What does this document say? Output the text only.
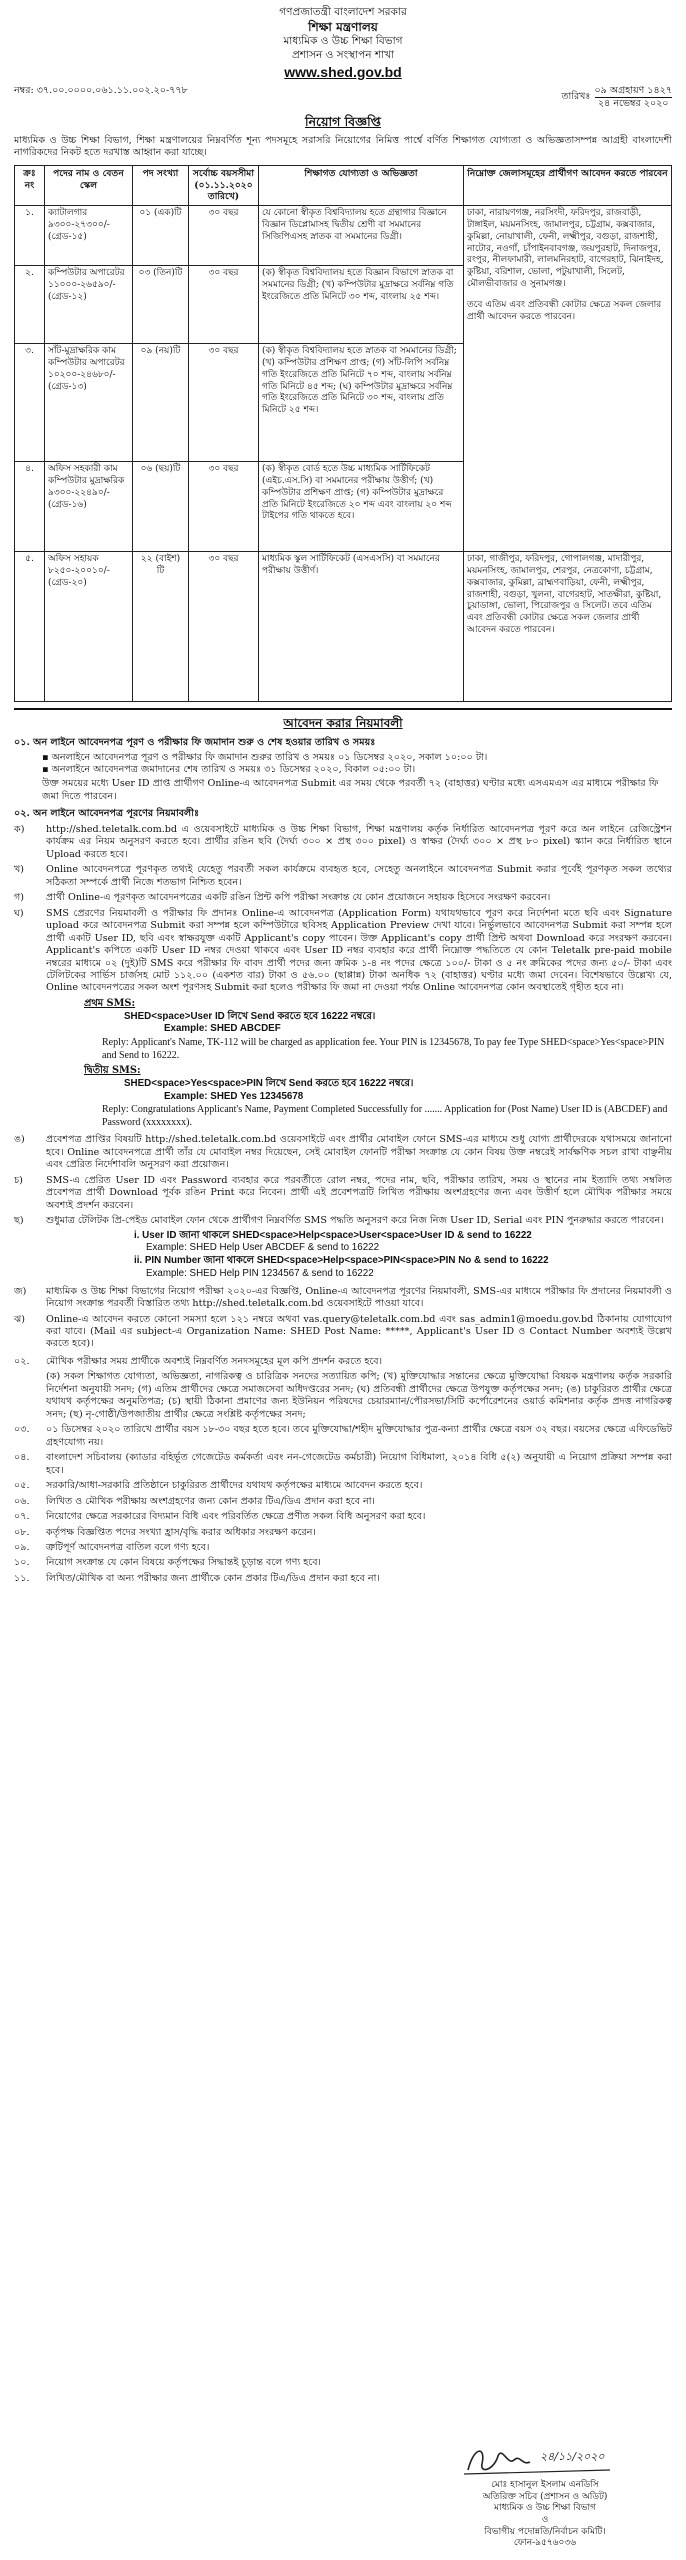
গণপ্রজাতন্ত্রী বাংলাদেশ সরকার
শিক্ষা মন্ত্রণালয়
মাধ্যমিক ও উচ্চ শিক্ষা বিভাগ
প্রশাসন ও সংস্থাপন শাখা
www.shed.gov.bd
নম্বর: ৩৭.০০.০০০০.০৬১.১১.০০২.২০-৭৭৮
তারিখঃ
০৯ অগ্রহায়ণ ১৪২৭
২৪ নভেম্বর ২০২০
নিয়োগ বিজ্ঞপ্তি
মাধ্যমিক ও উচ্চ শিক্ষা বিভাগ, শিক্ষা মন্ত্রণালয়ের নিম্নবর্ণিত শূন্য পদসমূহে সরাসরি নিয়োগের নিমিত্ত পার্শ্বে বর্ণিত শিক্ষাগত যোগ্যতা ও অভিজ্ঞতাসম্পন্ন আগ্রহী বাংলাদেশী নাগরিকদের নিকট হতে দরখাস্ত আহ্বান করা যাচ্ছে।
ক্রঃ নং	পদের নাম ও বেতন স্কেল	পদ সংখ্যা	সর্বোচ্চ বয়সসীমা (০১.১১.২০২০ তারিখে)	শিক্ষাগত যোগ্যতা ও অভিজ্ঞতা	নিম্নোক্ত জেলাসমূহের প্রার্থীগণ আবেদন করতে পারবেন
১.	ক্যাটালগার ৯৩০০-২৭৩০০/- (গ্রেড-১৫)	০১ (এক)টি	৩০ বছর	যে কোনো স্বীকৃত বিশ্ববিদ্যালয় হতে গ্রন্থাগার বিজ্ঞানে বিজ্ঞান ডিপ্লোমাসহ দ্বিতীয় শ্রেণী বা সমমানের সিজিপিএসহ স্নাতক বা সমমানের ডিগ্রী।	ঢাকা, নারায়ণগঞ্জ, নরসিংদী, ফরিদপুর, রাজবাড়ী, টাঙ্গাইল, ময়মনসিংহ, জামালপুর, চট্টগ্রাম, কক্সবাজার, কুমিল্লা, নোয়াখালী, ফেনী, লক্ষ্মীপুর, বগুড়া, রাজশাহী, নাটোর, নওগাঁ, চাঁপাইনবাবগঞ্জ, জয়পুরহাট, দিনাজপুর, রংপুর, নীলফামারী, লালমনিরহাট, বাগেরহাট, ঝিনাইদহ, কুষ্টিয়া, বরিশাল, ভোলা, পটুয়াখালী, সিলেট, মৌলভীবাজার ও সুনামগঞ্জ।
তবে এতিম এবং প্রতিবন্ধী কোটার ক্ষেত্রে সকল জেলার প্রার্থী আবেদন করতে পারবেন।

২.	কম্পিউটার অপারেটর ১১০০০-২৬৫৯০/- (গ্রেড-১২)	০৩ (তিন)টি	৩০ বছর	(ক) স্বীকৃত বিশ্ববিদ্যালয় হতে বিজ্ঞান বিভাগে স্নাতক বা সমমানের ডিগ্রী; (খ) কম্পিউটার মুদ্রাক্ষরে সর্বনিম্ন গতি ইংরেজিতে প্রতি মিনিটে ৩০ শব্দ, বাংলায় ২৫ শব্দ।	
৩.	সাঁট-মুদ্রাক্ষরিক কাম কম্পিউটার অপারেটর ১০২০০-২৪৬৮০/- (গ্রেড-১৩)	০৯ (নয়)টি	৩০ বছর	(ক) স্বীকৃত বিশ্ববিদ্যালয় হতে স্নাতক বা সমমানের ডিগ্রী; (খ) কম্পিউটার প্রশিক্ষণ প্রাপ্ত; (গ) সাঁট-লিপি সর্বনিম্ন গতি ইংরেজিতে প্রতি মিনিটে ৭০ শব্দ, বাংলায় সর্বনিম্ন গতি মিনিটে ৪৫ শব্দ; (ঘ) কম্পিউটার মুদ্রাক্ষরে সর্বনিম্ন গতি ইংরেজিতে প্রতি মিনিটে ৩০ শব্দ, বাংলায় প্রতি মিনিটে ২৫ শব্দ।	
৪.	অফিস সহকারী কাম কম্পিউটার মুদ্রাক্ষরিক ৯৩০০-২২৪৯০/- (গ্রেড-১৬)	০৬ (ছয়)টি	৩০ বছর	(ক) স্বীকৃত বোর্ড হতে উচ্চ মাধ্যমিক সার্টিফিকেট (এইচ.এস.সি) বা সমমানের পরীক্ষায় উত্তীর্ণ; (খ) কম্পিউটার প্রশিক্ষণ প্রাপ্ত; (গ) কম্পিউটার মুদ্রাক্ষরে প্রতি মিনিটে ইংরেজিতে ২০ শব্দ এবং বাংলায় ২০ শব্দ টাইপের গতি থাকতে হবে।	
৫.	অফিস সহায়ক ৮২৫০-২০০১০/- (গ্রেড-২০)	২২ (বাইশ) টি	৩০ বছর	মাধ্যমিক স্কুল সার্টিফিকেট (এসএসসি) বা সমমানের পরীক্ষায় উত্তীর্ণ।	ঢাকা, গাজীপুর, ফরিদপুর, গোপালগঞ্জ, মাদারীপুর, ময়মনসিংহ, জামালপুর, শেরপুর, নেত্রকোণা, চট্টগ্রাম, কক্সবাজার, কুমিল্লা, ব্রাহ্মণবাড়িয়া, ফেনী, লক্ষ্মীপুর, রাজশাহী, বগুড়া, খুলনা, বাগেরহাট, সাতক্ষীরা, কুষ্টিয়া, চুয়াডাঙ্গা, ভোলা, পিরোজপুর ও সিলেট। তবে এতিম এবং প্রতিবন্ধী কোটার ক্ষেত্রে সকল জেলার প্রার্থী আবেদন করতে পারবেন।
আবেদন করার নিয়মাবলী
০১. অন লাইনে আবেদনপত্র পূরণ ও পরীক্ষার ফি জমাদান শুরু ও শেষ হওয়ার তারিখ ও সময়ঃ
▪ অনলাইনে আবেদনপত্র পূরণ ও পরীক্ষার ফি জমাদান শুরুর তারিখ ও সময়ঃ ০১ ডিসেম্বর ২০২০, সকাল ১০:০০ টা।
▪ অনলাইনে আবেদনপত্র জমাদানের শেষ তারিখ ও সময়ঃ ৩১ ডিসেম্বর ২০২০, বিকাল ০৫:০০ টা।
উক্ত সময়ের মধ্যে User ID প্রাপ্ত প্রার্থীগণ Online-এ আবেদনপত্র Submit এর সময় থেকে পরবর্তী ৭২ (বাহাত্তর) ঘণ্টার মধ্যে এসএমএস এর মাধ্যমে পরীক্ষার ফি জমা দিতে পারবেন।
০২. অন লাইনে আবেদনপত্র পূরণের নিয়মাবলীঃ
ক)	http://shed.teletalk.com.bd এ ওয়েবসাইটে মাধ্যমিক ও উচ্চ শিক্ষা বিভাগ, শিক্ষা মন্ত্রণালয় কর্তৃক নির্ধারিত আবেদনপত্র পূরণ করে অন লাইনে রেজিস্ট্রেশন কার্যক্রম এর নিয়ম অনুসরণ করতে হবে। প্রার্থীর রঙিন ছবি (দৈর্ঘ্য ৩০০ × প্রস্থ ৩০০ pixel) ও স্বাক্ষর (দৈর্ঘ্য ৩০০ × প্রস্থ ৮০ pixel) স্ক্যান করে নির্ধারিত স্থানে Upload করতে হবে।
খ)	Online আবেদনপত্রে পূরণকৃত তথ্যই যেহেতু পরবর্তী সকল কার্যক্রমে ব্যবহৃত হবে, সেহেতু অনলাইনে আবেদনপত্র Submit করার পূর্বেই পূরণকৃত সকল তথ্যের সঠিকতা সম্পর্কে প্রার্থী নিজে শতভাগ নিশ্চিত হবেন।
গ)	প্রার্থী Online-এ পূরণকৃত আবেদনপত্রের একটি রঙিন প্রিন্ট কপি পরীক্ষা সংক্রান্ত যে কোন প্রয়োজনে সহায়ক হিসেবে সংরক্ষণ করবেন।
ঘ)	SMS প্রেরণের নিয়মাবলী ও পরীক্ষার ফি প্রদানঃ Online-এ আবেদনপত্র (Application Form) যথাযথভাবে পূরণ করে নির্দেশনা মতে ছবি এবং Signature upload করে আবেদনপত্র Submit করা সম্পন্ন হলে কম্পিউটারে ছবিসহ Application Preview দেখা যাবে। নির্ভুলভাবে আবেদনপত্র Submit করা সম্পন্ন হলে প্রার্থী একটি User ID, ছবি এবং স্বাক্ষরযুক্ত একটি Applicant's copy পাবেন। উক্ত Applicant's copy প্রার্থী প্রিন্ট অথবা Download করে সংরক্ষণ করবেন। Applicant's কপিতে একটি User ID নম্বর দেওয়া থাকবে এবং User ID নম্বর ব্যবহার করে প্রার্থী নিম্নোক্ত পদ্ধতিতে যে কোন Teletalk pre-paid mobile নম্বরের মাধ্যমে ০২ (দুই)টি SMS করে পরীক্ষার ফি বাবদ প্রার্থী পদের জন্য ক্রমিক ১-৪ নং পদের ক্ষেত্রে ১০০/- টাকা ও ৫ নং ক্রমিকের পদের জন্য ৫০/- টাকা এবং টেলিটকের সার্ভিস চার্জসহ মোট ১১২.০০ (একশত বার) টাকা ও ৫৬.০০ (ছাপ্পান্ন) টাকা অনধিক ৭২ (বাহাত্তর) ঘণ্টার মধ্যে জমা দেবেন। বিশেষভাবে উল্লেখ্য যে, Online আবেদনপত্রের সকল অংশ পূরণসহ Submit করা হলেও পরীক্ষার ফি জমা না দেওয়া পর্যন্ত Online আবেদনপত্র কোন অবস্থাতেই গৃহীত হবে না।
প্রথম SMS:
SHED<space>User ID লিখে Send করতে হবে 16222 নম্বরে।
Example: SHED ABCDEF
Reply: Applicant's Name, TK-112 will be charged as application fee. Your PIN is 12345678, To pay fee Type SHED<space>Yes<space>PIN and Send to 16222.
দ্বিতীয় SMS:
SHED<space>Yes<space>PIN লিখে Send করতে হবে 16222 নম্বরে।
Example: SHED Yes 12345678
Reply: Congratulations Applicant's Name, Payment Completed Successfully for ....... Application for (Post Name) User ID is (ABCDEF) and Password (xxxxxxxx).
ঙ)	প্রবেশপত্র প্রাপ্তির বিষয়টি http://shed.teletalk.com.bd ওয়েবসাইটে এবং প্রার্থীর মোবাইল ফোনে SMS-এর মাধ্যমে শুধু যোগ্য প্রার্থীদেরকে যথাসময়ে জানানো হবে। Online আবেদনপত্রে প্রার্থী তাঁর যে মোবাইল নম্বর দিয়েছেন, সেই মোবাইল ফোনটি পরীক্ষা সংক্রান্ত যে কোন বিষয় উক্ত নম্বরেই সার্বক্ষণিক সচল রাখা বাঞ্ছনীয় এবং প্রেরিত নির্দেশাবলি অনুসরণ করা প্রয়োজন।
চ)	SMS-এ প্রেরিত User ID এবং Password ব্যবহার করে পরবর্তীতে রোল নম্বর, পদের নাম, ছবি, পরীক্ষার তারিখ, সময় ও স্থানের নাম ইত্যাদি তথ্য সম্বলিত প্রবেশপত্র প্রার্থী Download পূর্বক রঙিন Print করে নিবেন। প্রার্থী এই প্রবেশপত্রটি লিখিত পরীক্ষায় অংশগ্রহণের জন্য এবং উত্তীর্ণ হলে মৌখিক পরীক্ষার সময়ে অবশ্যই প্রদর্শন করবেন।
ছ)	শুধুমাত্র টেলিটক প্রি-পেইড মোবাইল ফোন থেকে প্রার্থীগণ নিম্নবর্ণিত SMS পদ্ধতি অনুসরণ করে নিজ নিজ User ID, Serial এবং PIN পুনরুদ্ধার করতে পারবেন।
i. User ID জানা থাকলে SHED<space>Help<space>User<space>User ID & send to 16222
Example: SHED Help User ABCDEF & send to 16222
ii. PIN Number জানা থাকলে SHED<space>Help<space>PIN<space>PIN No & send to 16222
Example: SHED Help PIN 1234567 & send to 16222
জ)	মাধ্যমিক ও উচ্চ শিক্ষা বিভাগের নিয়োগ পরীক্ষা ২০২০-এর বিজ্ঞপ্তি, Online-এ আবেদনপত্র পূরণের নিয়মাবলী, SMS-এর মাধ্যমে পরীক্ষার ফি প্রদানের নিয়মাবলী ও নিয়োগ সংক্রান্ত পরবর্তী বিস্তারিত তথ্য http://shed.teletalk.com.bd ওয়েবসাইটে পাওয়া যাবে।
ঝ)	Online-এ আবেদন করতে কোনো সমস্যা হলে ১২১ নম্বরে অথবা vas.query@teletalk.com.bd এবং sas_admin1@moedu.gov.bd ঠিকানায় যোগাযোগ করা যাবে। (Mail এর subject-এ Organization Name: SHED Post Name: *****, Applicant's User ID ও Contact Number অবশ্যই উল্লেখ করতে হবে)।
০২.	মৌখিক পরীক্ষার সময় প্রার্থীকে অবশ্যই নিম্নবর্ণিত সনদসমূহের মূল কপি প্রদর্শন করতে হবে।
(ক) সকল শিক্ষাগত যোগ্যতা, অভিজ্ঞতা, নাগরিকত্ব ও চারিত্রিক সনদের সত্যায়িত কপি; (খ) মুক্তিযোদ্ধার সন্তানের ক্ষেত্রে মুক্তিযোদ্ধা বিষয়ক মন্ত্রণালয় কর্তৃক সরকারি নির্দেশনা অনুযায়ী সনদ; (গ) এতিম প্রার্থীদের ক্ষেত্রে সমাজসেবা অধিদপ্তরের সনদ; (ঘ) প্রতিবন্ধী প্রার্থীদের ক্ষেত্রে উপযুক্ত কর্তৃপক্ষের সনদ; (ঙ) চাকুরিরত প্রার্থীর ক্ষেত্রে যথাযথ কর্তৃপক্ষের অনুমতিপত্র; (চ) স্থায়ী ঠিকানা প্রমাণের জন্য ইউনিয়ন পরিষদের চেয়ারম্যান/পৌরসভা/সিটি কর্পোরেশনের ওয়ার্ড কমিশনার কর্তৃক প্রদত্ত নাগরিকত্ব সনদ; (ছ) নৃ-গোষ্ঠী/উপজাতীয় প্রার্থীর ক্ষেত্রে সংশ্লিষ্ট কর্তৃপক্ষের সনদ;
০৩.	০১ ডিসেম্বর ২০২০ তারিখে প্রার্থীর বয়স ১৮-৩০ বছর হতে হবে। তবে মুক্তিযোদ্ধা/শহীদ মুক্তিযোদ্ধার পুত্র-কন্যা প্রার্থীর ক্ষেত্রে বয়স ৩২ বছর। বয়সের ক্ষেত্রে এফিডেভিট গ্রহণযোগ্য নয়।
০৪.	বাংলাদেশ সচিবালয় (ক্যাডার বহির্ভূত গেজেটেড কর্মকর্তা এবং নন-গেজেটেড কর্মচারী) নিয়োগ বিধিমালা, ২০১৪ বিধি ৫(২) অনুযায়ী এ নিয়োগ প্রক্রিয়া সম্পন্ন করা হবে।
০৫.	সরকারি/আধা-সরকারি প্রতিষ্ঠানে চাকুরিরত প্রার্থীদের যথাযথ কর্তৃপক্ষের মাধ্যমে আবেদন করতে হবে।
০৬.	লিখিত ও মৌখিক পরীক্ষায় অংশগ্রহণের জন্য কোন প্রকার টিএ/ডিএ প্রদান করা হবে না।
০৭.	নিয়োগের ক্ষেত্রে সরকারের বিদ্যমান বিধি এবং পরিবর্তিত ক্ষেত্রে প্রণীত সকল বিধি অনুসরণ করা হবে।
০৮.	কর্তৃপক্ষ বিজ্ঞপ্তিত পদের সংখ্যা হ্রাস/বৃদ্ধি করার অধিকার সংরক্ষণ করেন।
০৯.	ত্রুটিপূর্ণ আবেদনপত্র বাতিল বলে গণ্য হবে।
১০.	নিয়োগ সংক্রান্ত যে কোন বিষয়ে কর্তৃপক্ষের সিদ্ধান্তই চূড়ান্ত বলে গণ্য হবে।
১১.	লিখিত/মৌখিক বা অন্য পরীক্ষার জন্য প্রার্থীকে কোন প্রকার টিএ/ডিএ প্রদান করা হবে না।
২৪/১১/২০২০
মোঃ হাসানুল ইসলাম এনডিসি
অতিরিক্ত সচিব (প্রশাসন ও অডিট)
মাধ্যমিক ও উচ্চ শিক্ষা বিভাগ
ও
বিভাগীয় পদোন্নতি/নির্বাচন কমিটি।
ফোন-৯৫৭৬০৩৬
